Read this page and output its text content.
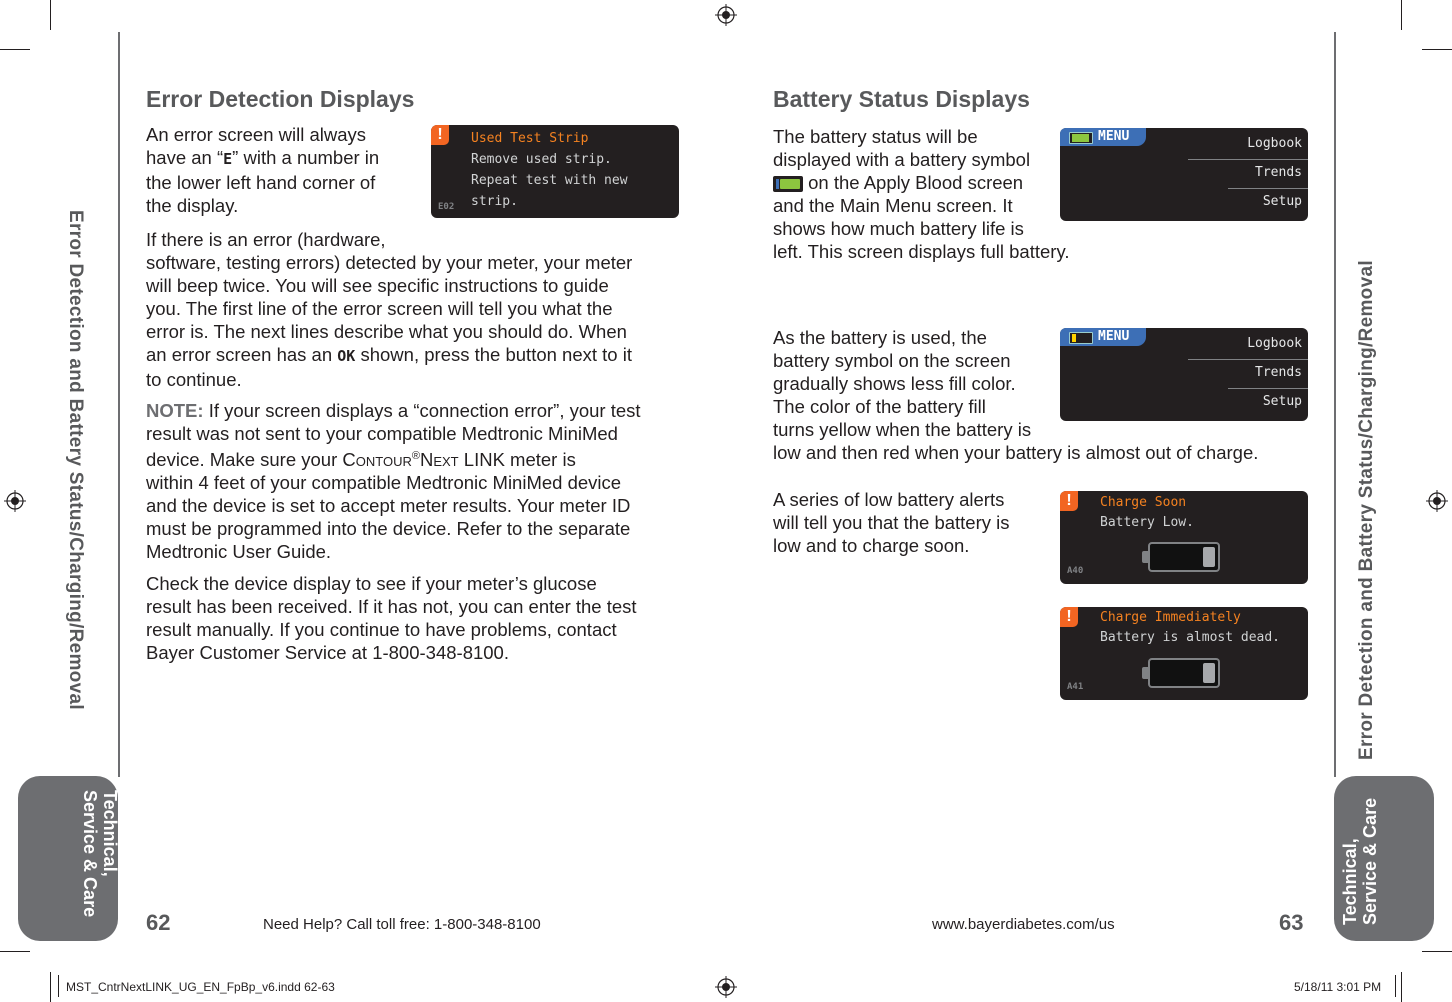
Error Detection and Battery Status/Charging/Removal	Error Detection and Battery Status/Charging/Removal
Technical,
Service & Care	Technical, Service & Care
Error Detection Displays
An error screen will always
have an “E” with a number in
the lower left hand corner of
the display.
!	Used Test Strip
Remove used strip.
Repeat test with new
strip.
E02
If there is an error (hardware,
software, testing errors) detected by your meter, your meter
will beep twice. You will see specific instructions to guide
you. The first line of the error screen will tell you what the
error is. The next lines describe what you should do. When
an error screen has an OK shown, press the button next to it
to continue.
NOTE: If your screen displays a “connection error”, your test
result was not sent to your compatible Medtronic MiniMed
device. Make sure your Contour®Next LINK meter is
within 4 feet of your compatible Medtronic MiniMed device
and the device is set to accept meter results. Your meter ID
must be programmed into the device. Refer to the separate
Medtronic User Guide.
Check the device display to see if your meter’s glucose
result has been received. If it has not, you can enter the test
result manually. If you continue to have problems, contact
Bayer Customer Service at 1-800-348-8100.
62	Need Help? Call toll free: 1-800-348-8100
Battery Status Displays
The battery status will be
displayed with a battery symbol
on the Apply Blood screen
and the Main Menu screen. It
shows how much battery life is
left. This screen displays full battery.
MENU	Logbook
Trends
Setup
As the battery is used, the
battery symbol on the screen
gradually shows less fill color.
The color of the battery fill
turns yellow when the battery is
low and then red when your battery is almost out of charge.
MENU	Logbook
Trends
Setup
A series of low battery alerts
will tell you that the battery is
low and to charge soon.
!	Charge Soon
Battery Low.
A40
!	Charge Immediately
Battery is almost dead.
A41
www.bayerdiabetes.com/us	63
MST_CntrNextLINK_UG_EN_FpBp_v6.indd 62-63	5/18/11 3:01 PM
